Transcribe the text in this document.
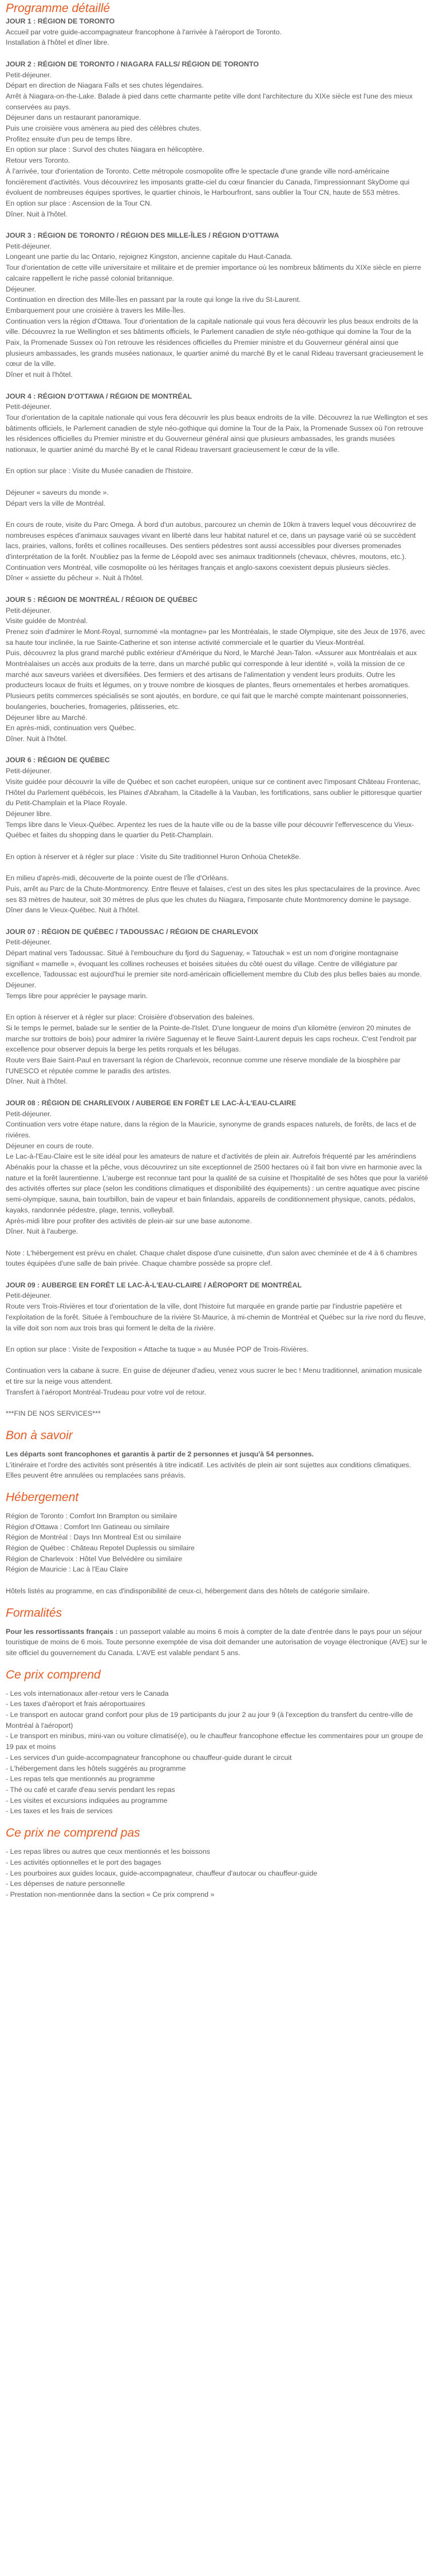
Programme détaillé

JOUR 1 : RÉGION DE TORONTO

Accueil par votre guide-accompagnateur francophone à l'arrivée à l'aéroport de Toronto.

Installation à l'hôtel et dîner libre.

JOUR 2 : RÉGION DE TORONTO / NIAGARA FALLS/ RÉGION DE TORONTO

Petit-déjeuner.

Départ en direction de Niagara Falls et ses chutes légendaires.

Arrêt à Niagara-on-the-Lake. Balade à pied dans cette charmante petite ville dont l'architecture du XIXe siècle est l'une des mieux conservées au pays.

Déjeuner dans un restaurant panoramique.

Puis une croisière vous amènera au pied des célèbres chutes.

Profitez ensuite d'un peu de temps libre.

En option sur place : Survol des chutes Niagara en hélicoptère.

Retour vers Toronto.

À l'arrivée, tour d'orientation de Toronto. Cette métropole cosmopolite offre le spectacle d'une grande ville nord-américaine foncièrement d'activités. Vous découvrirez les imposants gratte-ciel du cœur financier du Canada, l'impressionnant SkyDome qui évoluent de nombreuses équipes sportives, le quartier chinois, le Harbourfront, sans oublier la Tour CN, haute de 553 mètres.

En option sur place : Ascension de la Tour CN.

Dîner. Nuit à l'hôtel.

JOUR 3 : RÉGION DE TORONTO / RÉGION DES MILLE-ÎLES / RÉGION D'OTTAWA

Petit-déjeuner.

Longeant une partie du lac Ontario, rejoignez Kingston, ancienne capitale du Haut-Canada.

Tour d'orientation de cette ville universitaire et militaire et de premier importance où les nombreux bâtiments du XIXe siècle en pierre calcaire rappellent le riche passé colonial britannique.

Déjeuner.

Continuation en direction des Mille-Îles en passant par la route qui longe la rive du St-Laurent.

Embarquement pour une croisière à travers les Mille-Îles.

Continuation vers la région d'Ottawa. Tour d'orientation de la capitale nationale qui vous fera découvrir les plus beaux endroits de la ville. Découvrez la rue Wellington et ses bâtiments officiels, le Parlement canadien de style néo-gothique qui domine la Tour de la Paix, la Promenade Sussex où l'on retrouve les résidences officielles du Premier ministre et du Gouverneur général ainsi que plusieurs ambassades, les grands musées nationaux, le quartier animé du marché By et le canal Rideau traversant gracieusement le cœur de la ville.

Dîner et nuit à l'hôtel.

JOUR 4 : RÉGION D'OTTAWA / RÉGION DE MONTRÉAL

Petit-déjeuner.

Tour d'orientation de la capitale nationale qui vous fera découvrir les plus beaux endroits de la ville. Découvrez la rue Wellington et ses bâtiments officiels, le Parlement canadien de style néo-gothique qui domine la Tour de la Paix, la Promenade Sussex où l'on retrouve les résidences officielles du Premier ministre et du Gouverneur général ainsi que plusieurs ambassades, les grands musées nationaux, le quartier animé du marché By et le canal Rideau traversant gracieusement le cœur de la ville.

En option sur place : Visite du Musée canadien de l'histoire.

Déjeuner « saveurs du monde ».

Départ vers la ville de Montréal.

En cours de route, visite du Parc Omega. À bord d'un autobus, parcourez un chemin de 10km à travers lequel vous découvrirez de nombreuses espèces d'animaux sauvages vivant en liberté dans leur habitat naturel et ce, dans un paysage varié où se succèdent lacs, prairies, vallons, forêts et collines rocailleuses. Des sentiers pédestres sont aussi accessibles pour diverses promenades d'interprétation de la forêt. N'oubliez pas la ferme de Léopold avec ses animaux traditionnels (chevaux, chèvres, moutons, etc.).

Continuation vers Montréal, ville cosmopolite où les héritages français et anglo-saxons coexistent depuis plusieurs siècles.

Dîner « assiette du pêcheur ». Nuit à l'hôtel.

JOUR 5 : RÉGION DE MONTRÉAL / RÉGION DE QUÉBEC

Petit-déjeuner.

Visite guidée de Montréal.

Prenez soin d'admirer le Mont-Royal, surnommé «la montagne» par les Montréalais, le stade Olympique, site des Jeux de 1976, avec sa haute tour inclinée, la rue Sainte-Catherine et son intense activité commerciale et le quartier du Vieux-Montréal.

Puis, découvrez la plus grand marché public extérieur d'Amérique du Nord, le Marché Jean-Talon. «Assurer aux Montréalais et aux Montréalaises un accès aux produits de la terre, dans un marché public qui corresponde à leur identité », voilà la mission de ce marché aux saveurs variées et diversifiées. Des fermiers et des artisans de l'alimentation y vendent leurs produits. Outre les producteurs locaux de fruits et légumes, on y trouve nombre de kiosques de plantes, fleurs ornementales et herbes aromatiques. Plusieurs petits commerces spécialisés se sont ajoutés, en bordure, ce qui fait que le marché compte maintenant poissonneries, boulangeries, boucheries, fromageries, pâtisseries, etc.

Déjeuner libre au Marché.

En après-midi, continuation vers Québec.

Dîner. Nuit à l'hôtel.

JOUR 6 : RÉGION DE QUÉBEC

Petit-déjeuner.

Visite guidée pour découvrir la ville de Québec et son cachet européen, unique sur ce continent avec l'imposant Château Frontenac, l'Hôtel du Parlement québécois, les Plaines d'Abraham, la Citadelle à la Vauban, les fortifications, sans oublier le pittoresque quartier du Petit-Champlain et la Place Royale.

Déjeuner libre.

Temps libre dans le Vieux-Québec. Arpentez les rues de la haute ville ou de la basse ville pour découvrir l'effervescence du Vieux-Québec et faites du shopping dans le quartier du Petit-Champlain.

En option à réserver et à régler sur place : Visite du Site traditionnel Huron Onhoüa Chetek8e.

En milieu d'après-midi, découverte de la pointe ouest de l'Île d'Orléans.

Puis, arrêt au Parc de la Chute-Montmorency. Entre fleuve et falaises, c'est un des sites les plus spectaculaires de la province. Avec ses 83 mètres de hauteur, soit 30 mètres de plus que les chutes du Niagara, l'imposante chute Montmorency domine le paysage.

Dîner dans le Vieux-Québec. Nuit à l'hôtel.

JOUR 07 : RÉGION DE QUÉBEC / TADOUSSAC / RÉGION DE CHARLEVOIX

Petit-déjeuner.

Départ matinal vers Tadoussac. Situé à l'embouchure du fjord du Saguenay, « Tatouchak » est un nom d'origine montagnaise signifiant « mamelle », évoquant les collines rocheuses et boisées situées du côté ouest du village. Centre de villégiature par excellence, Tadoussac est aujourd'hui le premier site nord-américain officiellement membre du Club des plus belles baies au monde.

Déjeuner.

Temps libre pour apprécier le paysage marin.

En option à réserver et à régler sur place: Croisière d'observation des baleines.

Si le temps le permet, balade sur le sentier de la Pointe-de-l'Islet. D'une longueur de moins d'un kilomètre (environ 20 minutes de marche sur trottoirs de bois) pour admirer la rivière Saguenay et le fleuve Saint-Laurent depuis les caps rocheux. C'est l'endroit par excellence pour observer depuis la berge les petits rorquals et les bélugas.

Route vers Baie Saint-Paul en traversant la région de Charlevoix, reconnue comme une réserve mondiale de la biosphère par l'UNESCO et réputée comme le paradis des artistes.

Dîner. Nuit à l'hôtel.

JOUR 08 : RÉGION DE CHARLEVOIX / AUBERGE EN FORÊT LE LAC-À-L'EAU-CLAIRE

Petit-déjeuner.

Continuation vers votre étape nature, dans la région de la Mauricie, synonyme de grands espaces naturels, de forêts, de lacs et de rivières.

Déjeuner en cours de route.

Le Lac-à-l'Eau-Claire est le site idéal pour les amateurs de nature et d'activités de plein air. Autrefois fréquenté par les amérindiens Abénakis pour la chasse et la pêche, vous découvrirez un site exceptionnel de 2500 hectares où il fait bon vivre en harmonie avec la nature et la forêt laurentienne. L'auberge est reconnue tant pour la qualité de sa cuisine et l'hospitalité de ses hôtes que pour la variété des activités offertes sur place (selon les conditions climatiques et disponibilité des équipements) : un centre aquatique avec piscine semi-olympique, sauna, bain tourbillon, bain de vapeur et bain finlandais, appareils de conditionnement physique, canots, pédalos, kayaks, randonnée pédestre, plage, tennis, volleyball.

Après-midi libre pour profiter des activités de plein-air sur une base autonome.

Dîner. Nuit à l'auberge.

Note : L'hébergement est prévu en chalet. Chaque chalet dispose d'une cuisinette, d'un salon avec cheminée et de 4 à 6 chambres toutes équipées d'une salle de bain privée. Chaque chambre possède sa propre clef.

JOUR 09 : AUBERGE EN FORÊT LE LAC-À-L'EAU-CLAIRE / AÉROPORT DE MONTRÉAL

Petit-déjeuner.

Route vers Trois-Rivières et tour d'orientation de la ville, dont l'histoire fut marquée en grande partie par l'industrie papetière et l'exploitation de la forêt. Située à l'embouchure de la rivière St-Maurice, à mi-chemin de Montréal et Québec sur la rive nord du fleuve, la ville doit son nom aux trois bras qui forment le delta de la rivière.

En option sur place : Visite de l'exposition « Attache ta tuque » au Musée POP de Trois-Rivières.

Continuation vers la cabane à sucre. En guise de déjeuner d'adieu, venez vous sucrer le bec ! Menu traditionnel, animation musicale et tire sur la neige vous attendent.

Transfert à l'aéroport Montréal-Trudeau pour votre vol de retour.

***FIN DE NOS SERVICES***

Bon à savoir

Les départs sont francophones et garantis à partir de 2 personnes et jusqu'à 54 personnes.

L'itinéraire et l'ordre des activités sont présentés à titre indicatif. Les activités de plein air sont sujettes aux conditions climatiques. Elles peuvent être annulées ou remplacées sans préavis.

Hébergement

Région de Toronto : Comfort Inn Brampton ou similaire

Région d'Ottawa : Comfort Inn Gatineau ou similaire

Région de Montréal : Days Inn Montreal Est ou similaire

Région de Québec : Château Repotel Duplessis ou similaire

Région de Charlevoix : Hôtel Vue Belvédère ou similaire

Région de Mauricie : Lac à l'Eau Claire

Hôtels listés au programme, en cas d'indisponibilité de ceux-ci, hébergement dans des hôtels de catégorie similaire.

Formalités

Pour les ressortissants français : un passeport valable au moins 6 mois à compter de la date d'entrée dans le pays pour un séjour touristique de moins de 6 mois. Toute personne exemptée de visa doit demander une autorisation de voyage électronique (AVE) sur le site officiel du gouvernement du Canada. L'AVE est valable pendant 5 ans.

Ce prix comprend
- Les vols internationaux aller-retour vers le Canada
- Les taxes d'aéroport et frais aéroportuaires
- Le transport en autocar grand confort pour plus de 19 participants du jour 2 au jour 9 (à l'exception du transfert du centre-ville de Montréal à l'aéroport)
- Le transport en minibus, mini-van ou voiture climatisé(e), ou le chauffeur francophone effectue les commentaires pour un groupe de 19 pax et moins
- Les services d'un guide-accompagnateur francophone ou chauffeur-guide durant le circuit
- L'hébergement dans les hôtels suggérés au programme
- Les repas tels que mentionnés au programme
- Thé ou café et carafe d'eau servis pendant les repas
- Les visites et excursions indiquées au programme
- Les taxes et les frais de services
Ce prix ne comprend pas
- Les repas libres ou autres que ceux mentionnés et les boissons
- Les activités optionnelles et le port des bagages
- Les pourboires aux guides locaux, guide-accompagnateur, chauffeur d'autocar ou chauffeur-guide
- Les dépenses de nature personnelle
- Prestation non-mentionnée dans la section « Ce prix comprend »
